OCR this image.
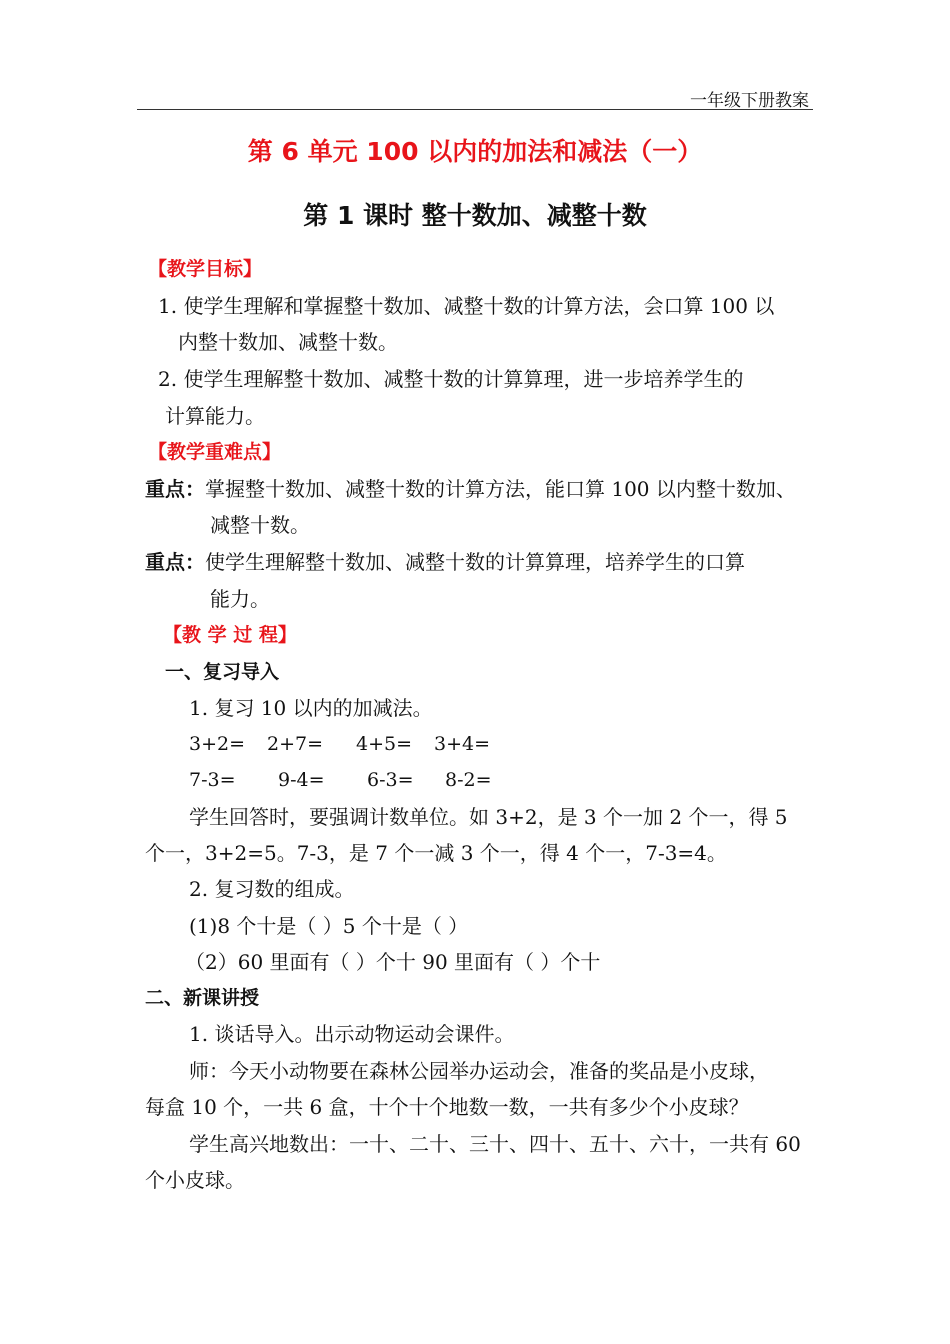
一年级下册教案
第 6 单元 100 以内的加法和减法（一）
第 1 课时 整十数加、减整十数
【教学目标】
1. 使学生理解和掌握整十数加、减整十数的计算方法，会口算 100 以
内整十数加、减整十数。
2. 使学生理解整十数加、减整十数的计算算理，进一步培养学生的
计算能力。
【教学重难点】
重点：掌握整十数加、减整十数的计算方法，能口算 100 以内整十数加、
减整十数。
重点：使学生理解整十数加、减整十数的计算算理，培养学生的口算
能力。
【教 学 过 程】
一、复习导入
1. 复习 10 以内的加减法。
3+2= 2+7= 4+5= 3+4=
7-3= 9-4= 6-3= 8-2=
学生回答时，要强调计数单位。如 3+2，是 3 个一加 2 个一，得 5
个一，3+2=5。7-3，是 7 个一减 3 个一，得 4 个一，7-3=4。
2. 复习数的组成。
(1)8 个十是（ ）5 个十是（ ）
（2）60 里面有（ ）个十 90 里面有（ ）个十
二、新课讲授
1. 谈话导入。出示动物运动会课件。
师：今天小动物要在森林公园举办运动会，准备的奖品是小皮球，
每盒 10 个，一共 6 盒，十个十个地数一数，一共有多少个小皮球？
学生高兴地数出：一十、二十、三十、四十、五十、六十，一共有 60
个小皮球。
